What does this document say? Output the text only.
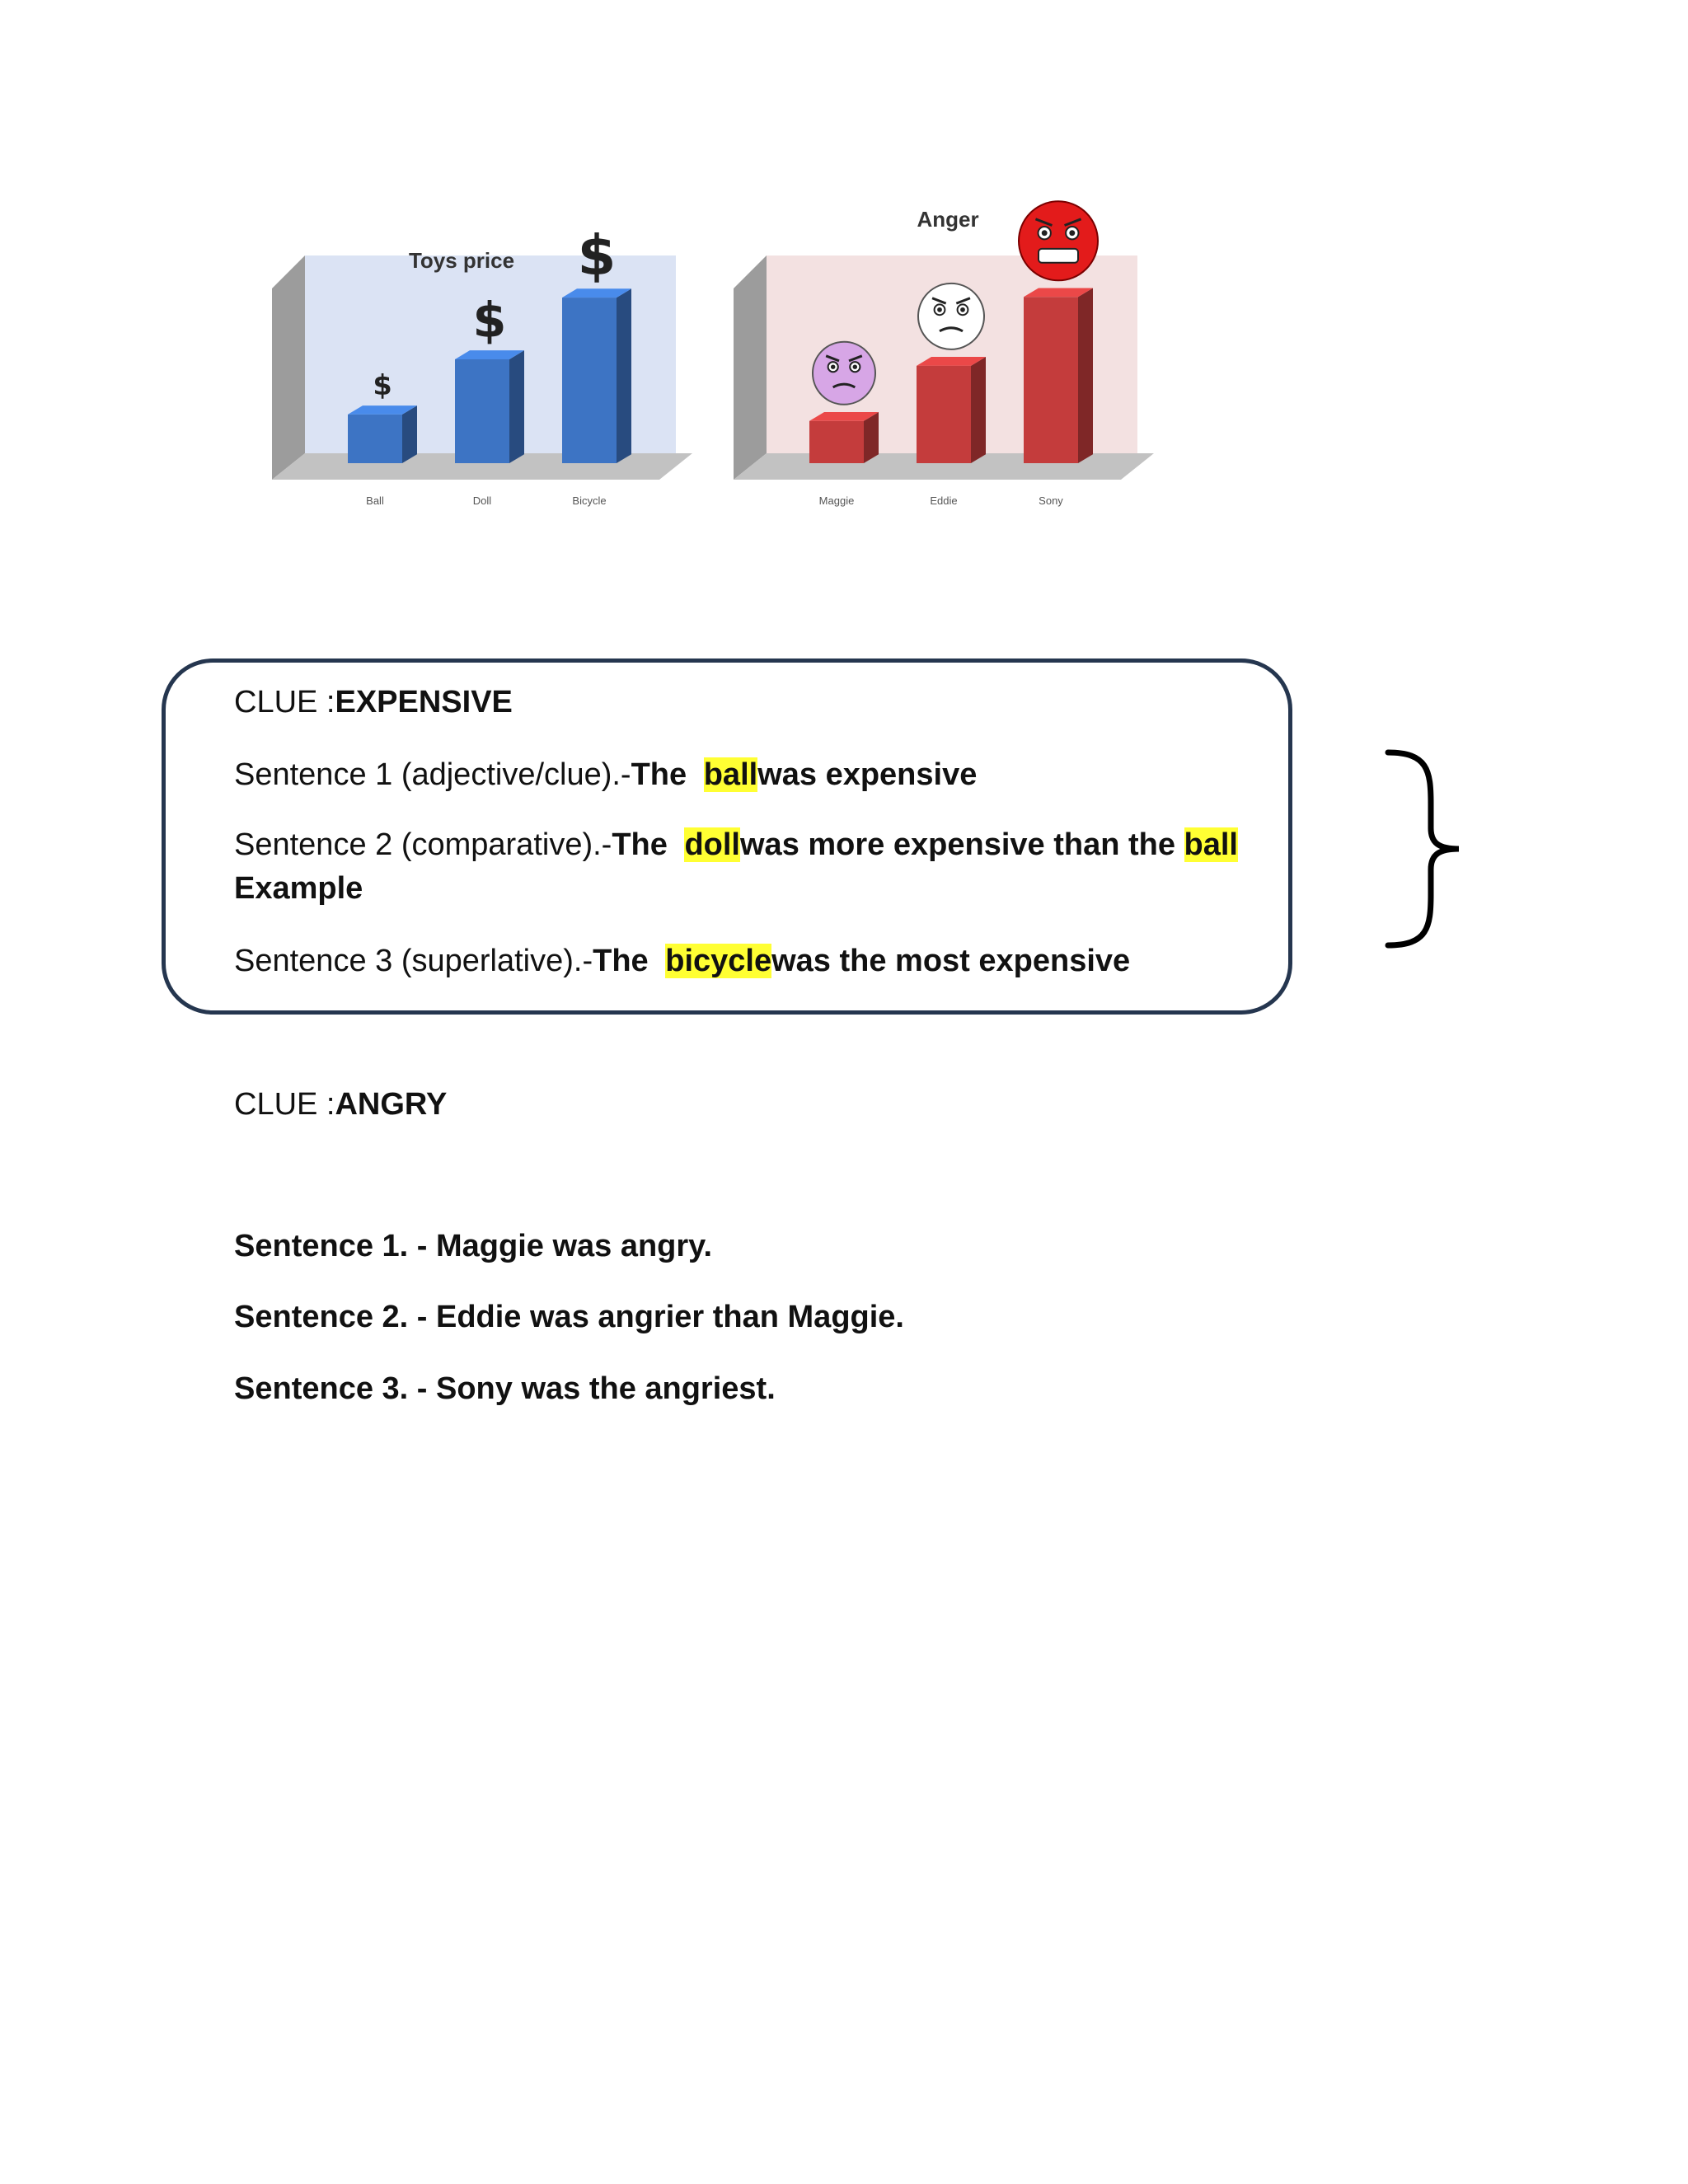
Toys price
$
Ball
$
Doll
$
Bicycle
Anger
Maggie	Eddie	Sony
CLUE :EXPENSIVE
Sentence 1 (adjective/clue).-The ballwas expensive
Sentence 2 (comparative).-The dollwas more expensive than the ball
Example
Sentence 3 (superlative).-The bicyclewas the most expensive
CLUE :ANGRY
Sentence 1. - Maggie was angry.
Sentence 2. - Eddie was angrier than Maggie.
Sentence 3. - Sony was the angriest.
